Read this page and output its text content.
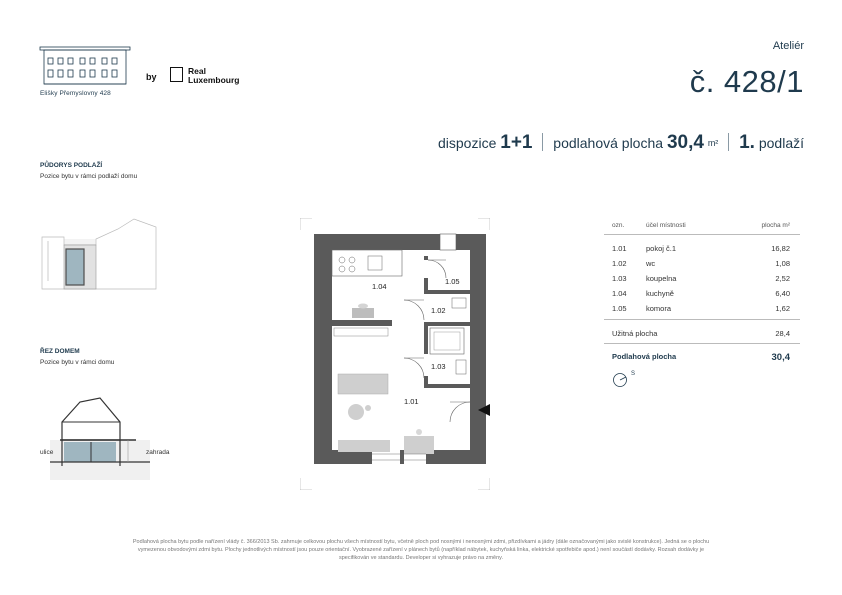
Elišky Přemyslovny 428
by
Real
Luxembourg
Ateliér
č. 428/1
dispozice 1+1 podlahová plocha 30,4 m² 1. podlaží
PŮDORYS PODLAŽÍ
Pozice bytu v rámci podlaží domu
ŘEZ DOMEM
Pozice bytu v rámci domu
ulice	zahrada
1.04
1.05
1.02
1.03
1.01
ozn.	účel místnosti	plocha m²
1.01	pokoj č.1	16,82
1.02	wc	1,08
1.03	koupelna	2,52
1.04	kuchyně	6,40
1.05	komora	1,62
Užitná plocha	28,4
Podlahová plocha	30,4
S
Podlahová plocha bytu podle nařízení vlády č. 366/2013 Sb. zahrnuje celkovou plochu všech místností bytu, včetně ploch pod nosnými i nenosnými zdmi, přizdívkami a jádry (dále označovanými jako svislé konstrukce). Jedná se o plochu
vymezenou obvodovými zdmi bytu. Plochy jednotlivých místností jsou pouze orientační. Vyobrazené zařízení v plánech bytů (například nábytek, kuchyňská linka, elektrické spotřebiče apod.) není součástí dodávky. Rozsah dodávky je
specifikován ve standardu. Developer si vyhrazuje právo na změny.
